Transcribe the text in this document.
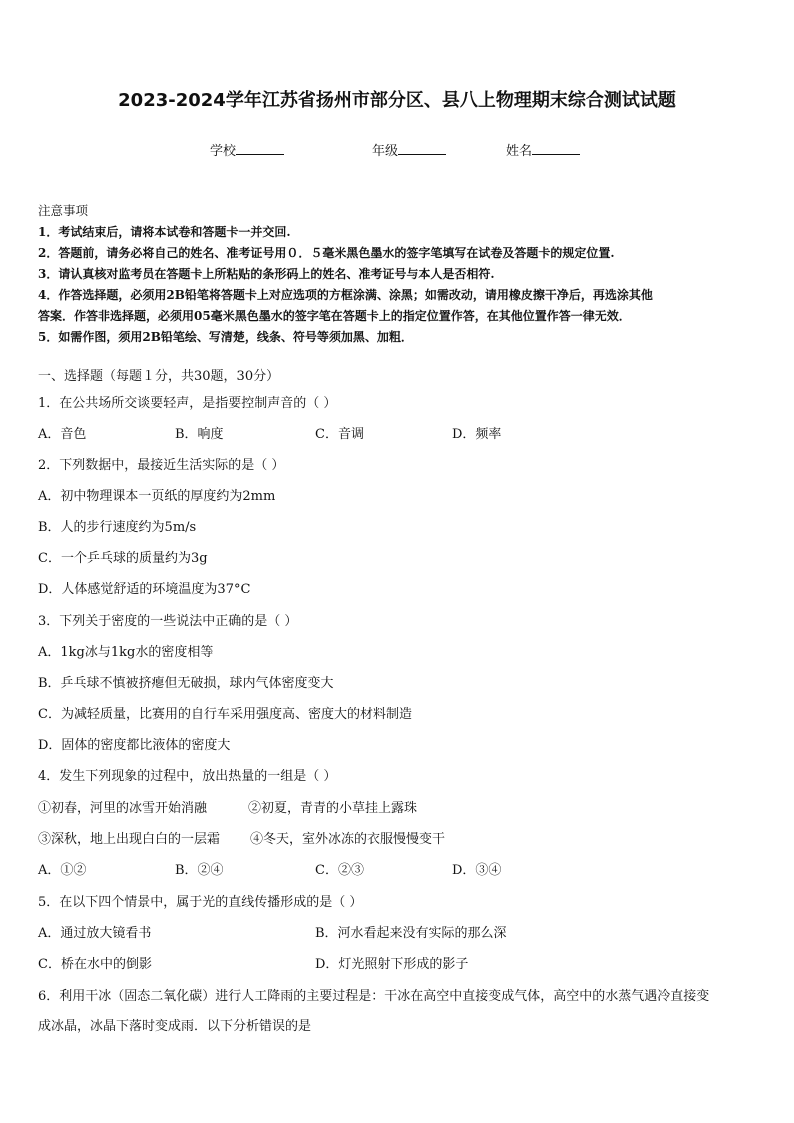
2023-2024学年江苏省扬州市部分区、县八上物理期末综合测试试题
学校	年级	姓名
注意事项
1．考试结束后，请将本试卷和答题卡一并交回.
2．答题前，请务必将自己的姓名、准考证号用０．５毫米黑色墨水的签字笔填写在试卷及答题卡的规定位置.
3．请认真核对监考员在答题卡上所粘贴的条形码上的姓名、准考证号与本人是否相符.
4．作答选择题，必须用2B铅笔将答题卡上对应选项的方框涂满、涂黑；如需改动，请用橡皮擦干净后，再选涂其他
答案．作答非选择题，必须用05毫米黑色墨水的签字笔在答题卡上的指定位置作答，在其他位置作答一律无效．
5．如需作图，须用2B铅笔绘、写清楚，线条、符号等须加黑、加粗．
一、选择题（每题１分，共30题，30分）
1．在公共场所交谈要轻声，是指要控制声音的（ ）
A．音色	B．响度	C．音调	D．频率
2．下列数据中，最接近生活实际的是（ ）
A．初中物理课本一页纸的厚度约为2mm
B．人的步行速度约为5m/s
C．一个乒乓球的质量约为3g
D．人体感觉舒适的环境温度为37°C
3．下列关于密度的一些说法中正确的是（ ）
A．1kg冰与1kg水的密度相等
B．乒乓球不慎被挤瘪但无破损，球内气体密度变大
C．为减轻质量，比赛用的自行车采用强度高、密度大的材料制造
D．固体的密度都比液体的密度大
4．发生下列现象的过程中，放出热量的一组是（ ）
①初春，河里的冰雪开始消融	②初夏，青青的小草挂上露珠
③深秋，地上出现白白的一层霜 ④冬天，室外冰冻的衣服慢慢变干
A．①②	B．②④	C．②③	D．③④
5．在以下四个情景中，属于光的直线传播形成的是（ ）
A．通过放大镜看书	B．河水看起来没有实际的那么深
C．桥在水中的倒影	D．灯光照射下形成的影子
6．利用干冰（固态二氧化碳）进行人工降雨的主要过程是：干冰在高空中直接变成气体，高空中的水蒸气遇冷直接变
成冰晶，冰晶下落时变成雨．以下分析错误的是
